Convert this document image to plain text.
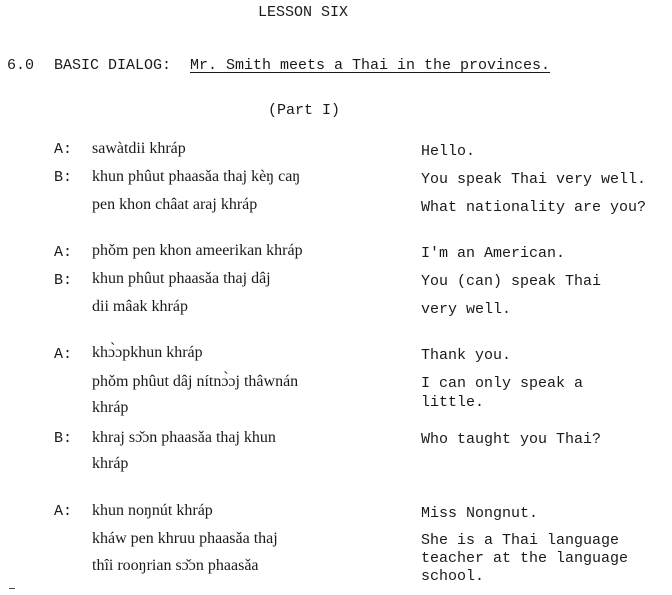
LESSON SIX
6.0 BASIC DIALOG: Mr. Smith meets a Thai in the provinces.
(Part I)
A: sawàtdii khráp	Hello.
B: khun phûut phaasǎa thaj kèŋ caŋ
pen khon châat araj khráp
You speak Thai very well.
What nationality are you?
A: phǒm pen khon ameerikan khráp	I'm an American.
B: khun phûut phaasǎa thaj dâj
dii mâak khráp
You (can) speak Thai
very well.
A: khɔ̀ɔpkhun khráp
phǒm phûut dâj nítnɔ̀ɔj thâwnán
khráp
Thank you.
I can only speak a
little.
B: khraj sɔ̌ɔn phaasǎa thaj khun
khráp
Who taught you Thai?
A: khun noŋnút khráp
kháw pen khruu phaasǎa thaj
thîi rooŋrian sɔ̌ɔn phaasǎa
Miss Nongnut.
She is a Thai language
teacher at the language
school.
